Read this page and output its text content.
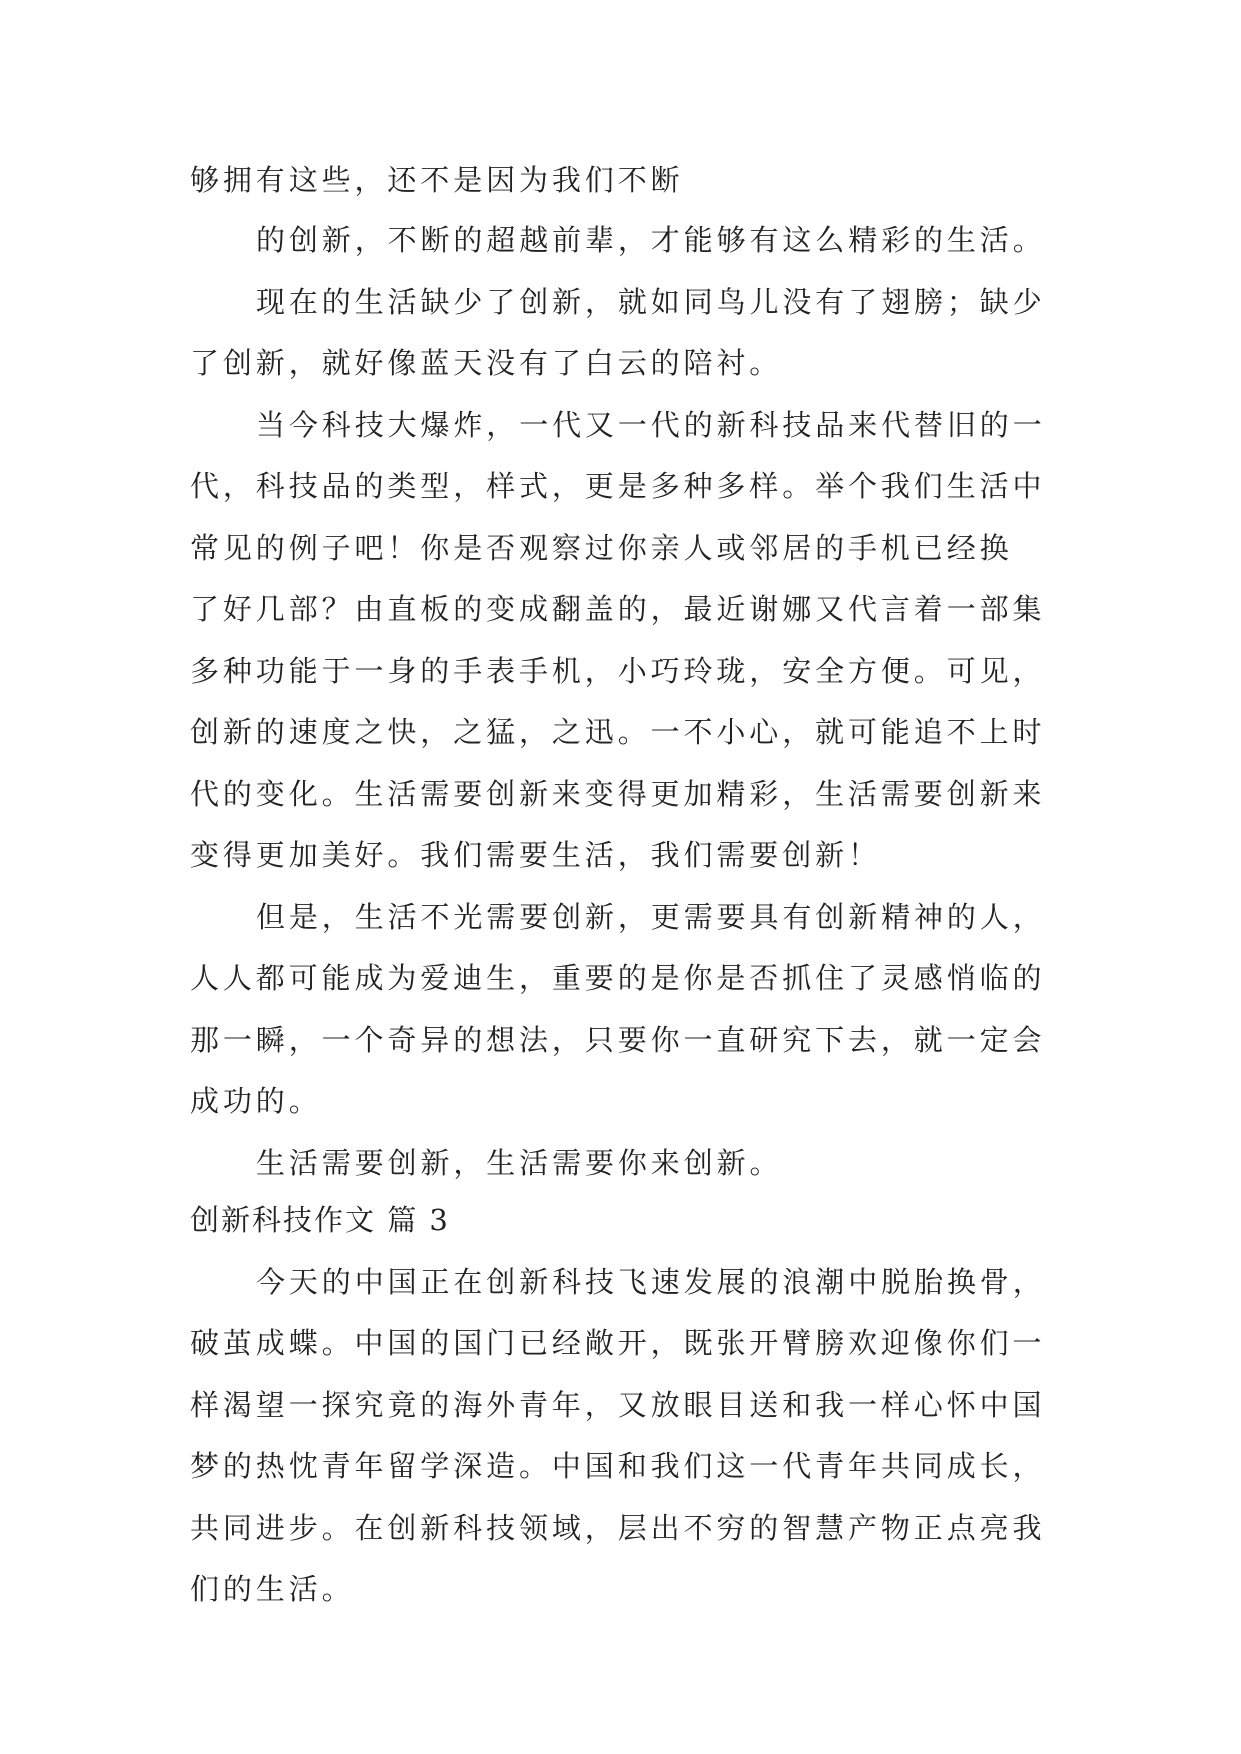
够拥有这些，还不是因为我们不断
的创新，不断的超越前辈，才能够有这么精彩的生活。
现在的生活缺少了创新，就如同鸟儿没有了翅膀；缺少
了创新，就好像蓝天没有了白云的陪衬。
当今科技大爆炸，一代又一代的新科技品来代替旧的一
代，科技品的类型，样式，更是多种多样。举个我们生活中
常见的例子吧！你是否观察过你亲人或邻居的手机已经换
了好几部？由直板的变成翻盖的，最近谢娜又代言着一部集
多种功能于一身的手表手机，小巧玲珑，安全方便。可见，
创新的速度之快，之猛，之迅。一不小心，就可能追不上时
代的变化。生活需要创新来变得更加精彩，生活需要创新来
变得更加美好。我们需要生活，我们需要创新！
但是，生活不光需要创新，更需要具有创新精神的人，
人人都可能成为爱迪生，重要的是你是否抓住了灵感悄临的
那一瞬，一个奇异的想法，只要你一直研究下去，就一定会
成功的。
生活需要创新，生活需要你来创新。
创新科技作文 篇 3
今天的中国正在创新科技飞速发展的浪潮中脱胎换骨，
破茧成蝶。中国的国门已经敞开，既张开臂膀欢迎像你们一
样渴望一探究竟的海外青年，又放眼目送和我一样心怀中国
梦的热忱青年留学深造。中国和我们这一代青年共同成长，
共同进步。在创新科技领域，层出不穷的智慧产物正点亮我
们的生活。
